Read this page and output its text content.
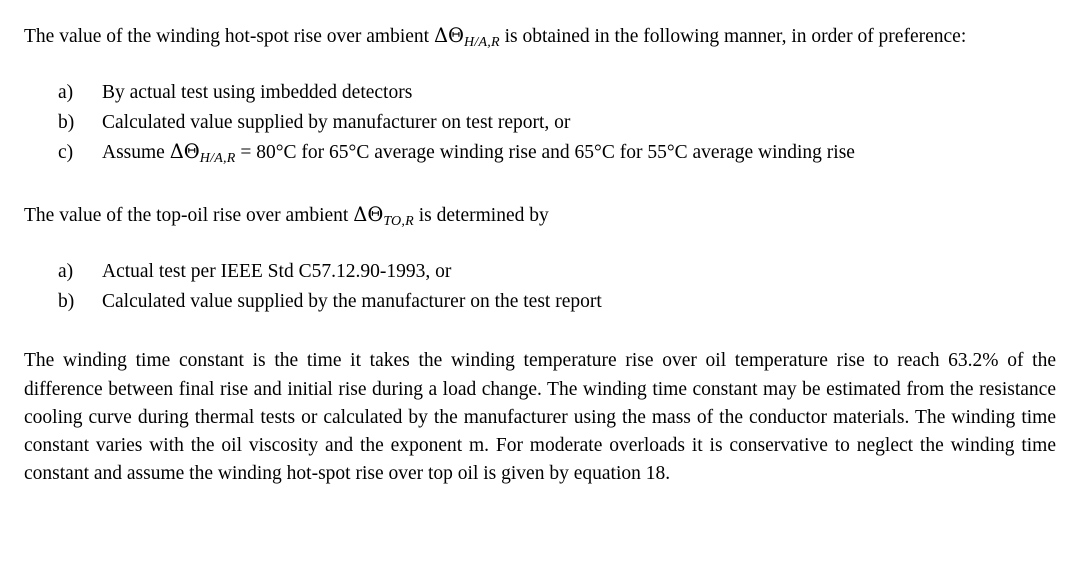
The value of the winding hot-spot rise over ambient $\Delta\Theta_{H/A,R}$ is obtained in the following manner, in order of preference:

a)	By actual test using imbedded detectors
b)	Calculated value supplied by manufacturer on test report, or
c)	Assume $\Delta\Theta_{H/A,R} = 80^\circ C$ for 65°C average winding rise and 65°C for 55°C average winding rise

The value of the top-oil rise over ambient $\Delta\Theta_{TO,R}$ is determined by

a)	Actual test per IEEE Std C57.12.90-1993, or
b)	Calculated value supplied by the manufacturer on the test report

The winding time constant is the time it takes the winding temperature rise over oil temperature rise to reach 63.2% of the difference between final rise and initial rise during a load change. The winding time constant may be estimated from the resistance cooling curve during thermal tests or calculated by the manufacturer using the mass of the conductor materials. The winding time constant varies with the oil viscosity and the exponent m. For moderate overloads it is conservative to neglect the winding time constant and assume the winding hot-spot rise over top oil is given by equation 18.
